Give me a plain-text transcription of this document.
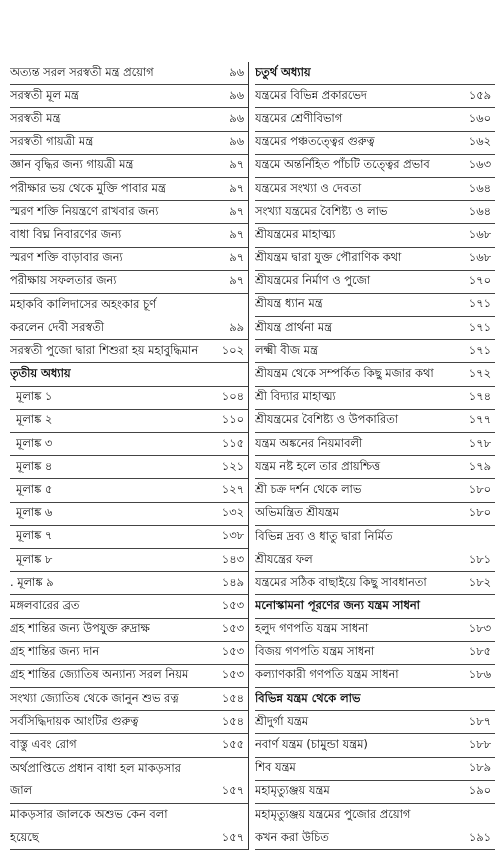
অত্যন্ত সরল সরস্বতী মন্ত্র প্রয়োগ	৯৬
সরস্বতী মূল মন্ত্র	৯৬
সরস্বতী মন্ত্র	৯৬
সরস্বতী গায়ত্রী মন্ত্র	৯৬
জ্ঞান বৃদ্ধির জন্য গায়ত্রী মন্ত্র	৯৭
পরীক্ষার ভয় থেকে মুক্তি পাবার মন্ত্র	৯৭
স্মরণ শক্তি নিয়ন্ত্রণে রাখবার জন্য	৯৭
বাধা বিঘ্ন নিবারণের জন্য	৯৭
স্মরণ শক্তি বাড়াবার জন্য	৯৭
পরীক্ষায় সফলতার জন্য	৯৭
মহাকবি কালিদাসের অহংকার চূর্ণ
করলেন দেবী সরস্বতী	৯৯
সরস্বতী পুজো দ্বারা শিশুরা হয় মহাবুদ্ধিমান	১০২
তৃতীয় অধ্যায়
মূলাঙ্ক ১	১০৪
মূলাঙ্ক ২	১১০
মূলাঙ্ক ৩	১১৫
মূলাঙ্ক ৪	১২১
মূলাঙ্ক ৫	১২৭
মূলাঙ্ক ৬	১৩২
মূলাঙ্ক ৭	১৩৮
মূলাঙ্ক ৮	১৪৩
. মূলাঙ্ক ৯	১৪৯
মঙ্গলবারের ব্রত	১৫৩
গ্রহ শান্তির জন্য উপযুক্ত রুদ্রাক্ষ	১৫৩
গ্রহ শান্তির জন্য দান	১৫৩
গ্রহ শান্তির জ্যোতিষ অন্যান্য সরল নিয়ম	১৫৩
সংখ্যা জ্যোতিষ থেকে জানুন শুভ রত্ন	১৫৪
সর্বসিদ্ধিদায়ক আংটির গুরুত্ব	১৫৪
বাস্তু এবং রোগ	১৫৫
অর্থপ্রাপ্তিতে প্রধান বাধা হল মাকড়সার
জাল	১৫৭
মাকড়সার জালকে অশুভ কেন বলা
হয়েছে	১৫৭
চতুর্থ অধ্যায়
যন্ত্রমের বিভিন্ন প্রকারভেদ	১৫৯
যন্ত্রমের শ্রেণীবিভাগ	১৬০
যন্ত্রমের পঞ্চতত্ত্বের গুরুত্ব	১৬২
যন্ত্রমে অন্তর্নিহিত পাঁচটি তত্ত্বের প্রভাব	১৬৩
যন্ত্রমের সংখ্যা ও দেবতা	১৬৪
সংখ্যা যন্ত্রমের বৈশিষ্ট্য ও লাভ	১৬৪
শ্রীযন্ত্রমের মাহাত্ম্য	১৬৮
শ্রীযন্ত্রম দ্বারা যুক্ত পৌরাণিক কথা	১৬৮
শ্রীযন্ত্রমের নির্মাণ ও পুজো	১৭০
শ্রীযন্ত্র ধ্যান মন্ত্র	১৭১
শ্রীযন্ত্র প্রার্থনা মন্ত্র	১৭১
লক্ষ্মী বীজ মন্ত্র	১৭১
শ্রীযন্ত্রম থেকে সম্পর্কিত কিছু মজার কথা	১৭২
শ্রী বিদ্যার মাহাত্ম্য	১৭৪
শ্রীযন্ত্রমের বৈশিষ্ট্য ও উপকারিতা	১৭৭
যন্ত্রম অঙ্কনের নিয়মাবলী	১৭৮
যন্ত্রম নষ্ট হলে তার প্রায়শ্চিত্ত	১৭৯
শ্রী চক্র দর্শন থেকে লাভ	১৮০
অভিমন্ত্রিত শ্রীযন্ত্রম	১৮০
বিভিন্ন দ্রব্য ও ধাতু দ্বারা নির্মিত
শ্রীযন্ত্রের ফল	১৮১
যন্ত্রমের সঠিক বাছাইয়ে কিছু সাবধানতা	১৮২
মনোস্কামনা পূরণের জন্য যন্ত্রম সাধনা
হলুদ গণপতি যন্ত্রম সাধনা	১৮৩
বিজয় গণপতি যন্ত্রম সাধনা	১৮৫
কল্যাণকারী গণপতি যন্ত্রম সাধনা	১৮৬
বিভিন্ন যন্ত্রম থেকে লাভ
শ্রীদুর্গা যন্ত্রম	১৮৭
নবার্ণ যন্ত্রম (চামুন্ডা যন্ত্রম)	১৮৮
শিব যন্ত্রম	১৮৯
মহামৃত্যুঞ্জয় যন্ত্রম	১৯০
মহামৃত্যুঞ্জয় যন্ত্রমের পুজোর প্রয়োগ
কখন করা উচিত	১৯১
